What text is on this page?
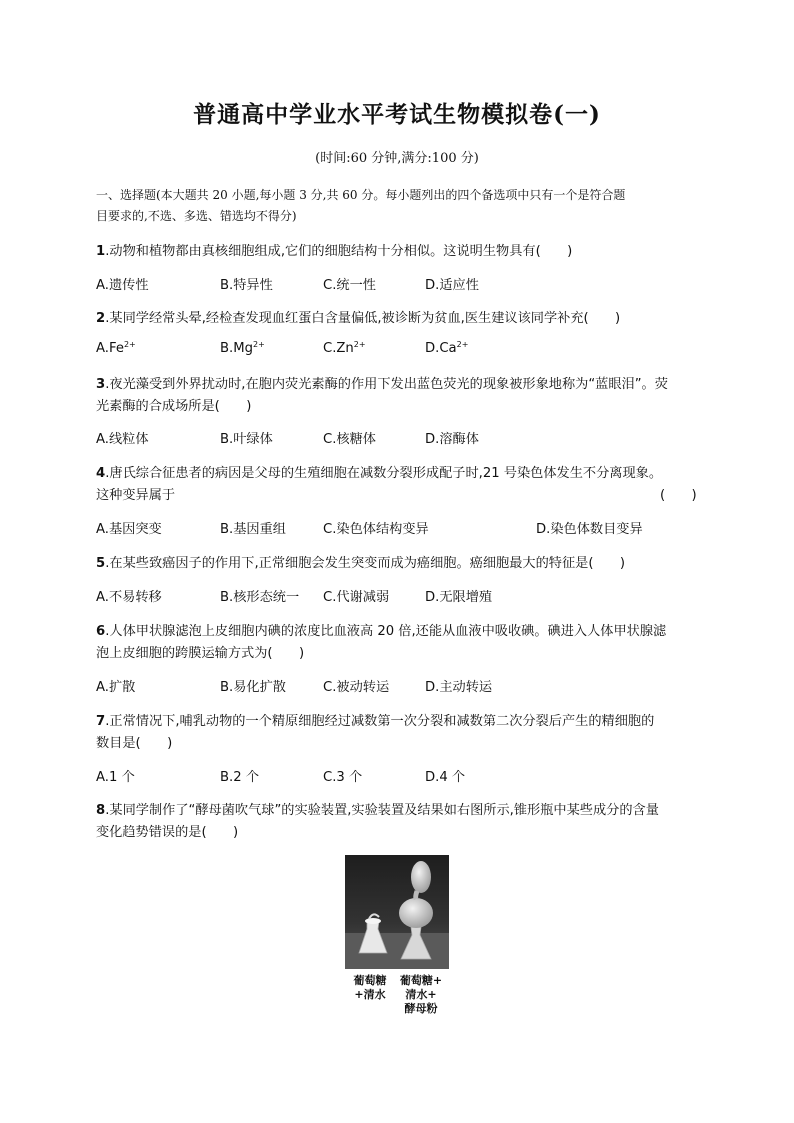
普通高中学业水平考试生物模拟卷(一)
(时间:60 分钟,满分:100 分)
一、选择题(本大题共 20 小题,每小题 3 分,共 60 分。每小题列出的四个备选项中只有一个是符合题
目要求的,不选、多选、错选均不得分)
1.动物和植物都由真核细胞组成,它们的细胞结构十分相似。这说明生物具有(　　)
A.遗传性	B.特异性	C.统一性	D.适应性
2.某同学经常头晕,经检查发现血红蛋白含量偏低,被诊断为贫血,医生建议该同学补充(　　)
$A.Fe^{2+}$	$B.Mg^{2+}$	$C.Zn^{2+}$	$D.Ca^{2+}$
3.夜光藻受到外界扰动时,在胞内荧光素酶的作用下发出蓝色荧光的现象被形象地称为“蓝眼泪”。荧
光素酶的合成场所是(　　)
A.线粒体	B.叶绿体	C.核糖体	D.溶酶体
4.唐氏综合征患者的病因是父母的生殖细胞在减数分裂形成配子时,21 号染色体发生不分离现象。
这种变异属于	(　　)
A.基因突变	B.基因重组	C.染色体结构变异	D.染色体数目变异
5.在某些致癌因子的作用下,正常细胞会发生突变而成为癌细胞。癌细胞最大的特征是(　　)
A.不易转移	B.核形态统一 C.代谢减弱	D.无限增殖
6.人体甲状腺滤泡上皮细胞内碘的浓度比血液高 20 倍,还能从血液中吸收碘。碘进入人体甲状腺滤
泡上皮细胞的跨膜运输方式为(　　)
A.扩散	B.易化扩散	C.被动转运	D.主动转运
7.正常情况下,哺乳动物的一个精原细胞经过减数第一次分裂和减数第二次分裂后产生的精细胞的
数目是(　　)
A.1 个	B.2 个	C.3 个	D.4 个
8.某同学制作了“酵母菌吹气球”的实验装置,实验装置及结果如右图所示,锥形瓶中某些成分的含量
变化趋势错误的是(　　)
葡萄糖
+清水
葡萄糖+
清水+
酵母粉
